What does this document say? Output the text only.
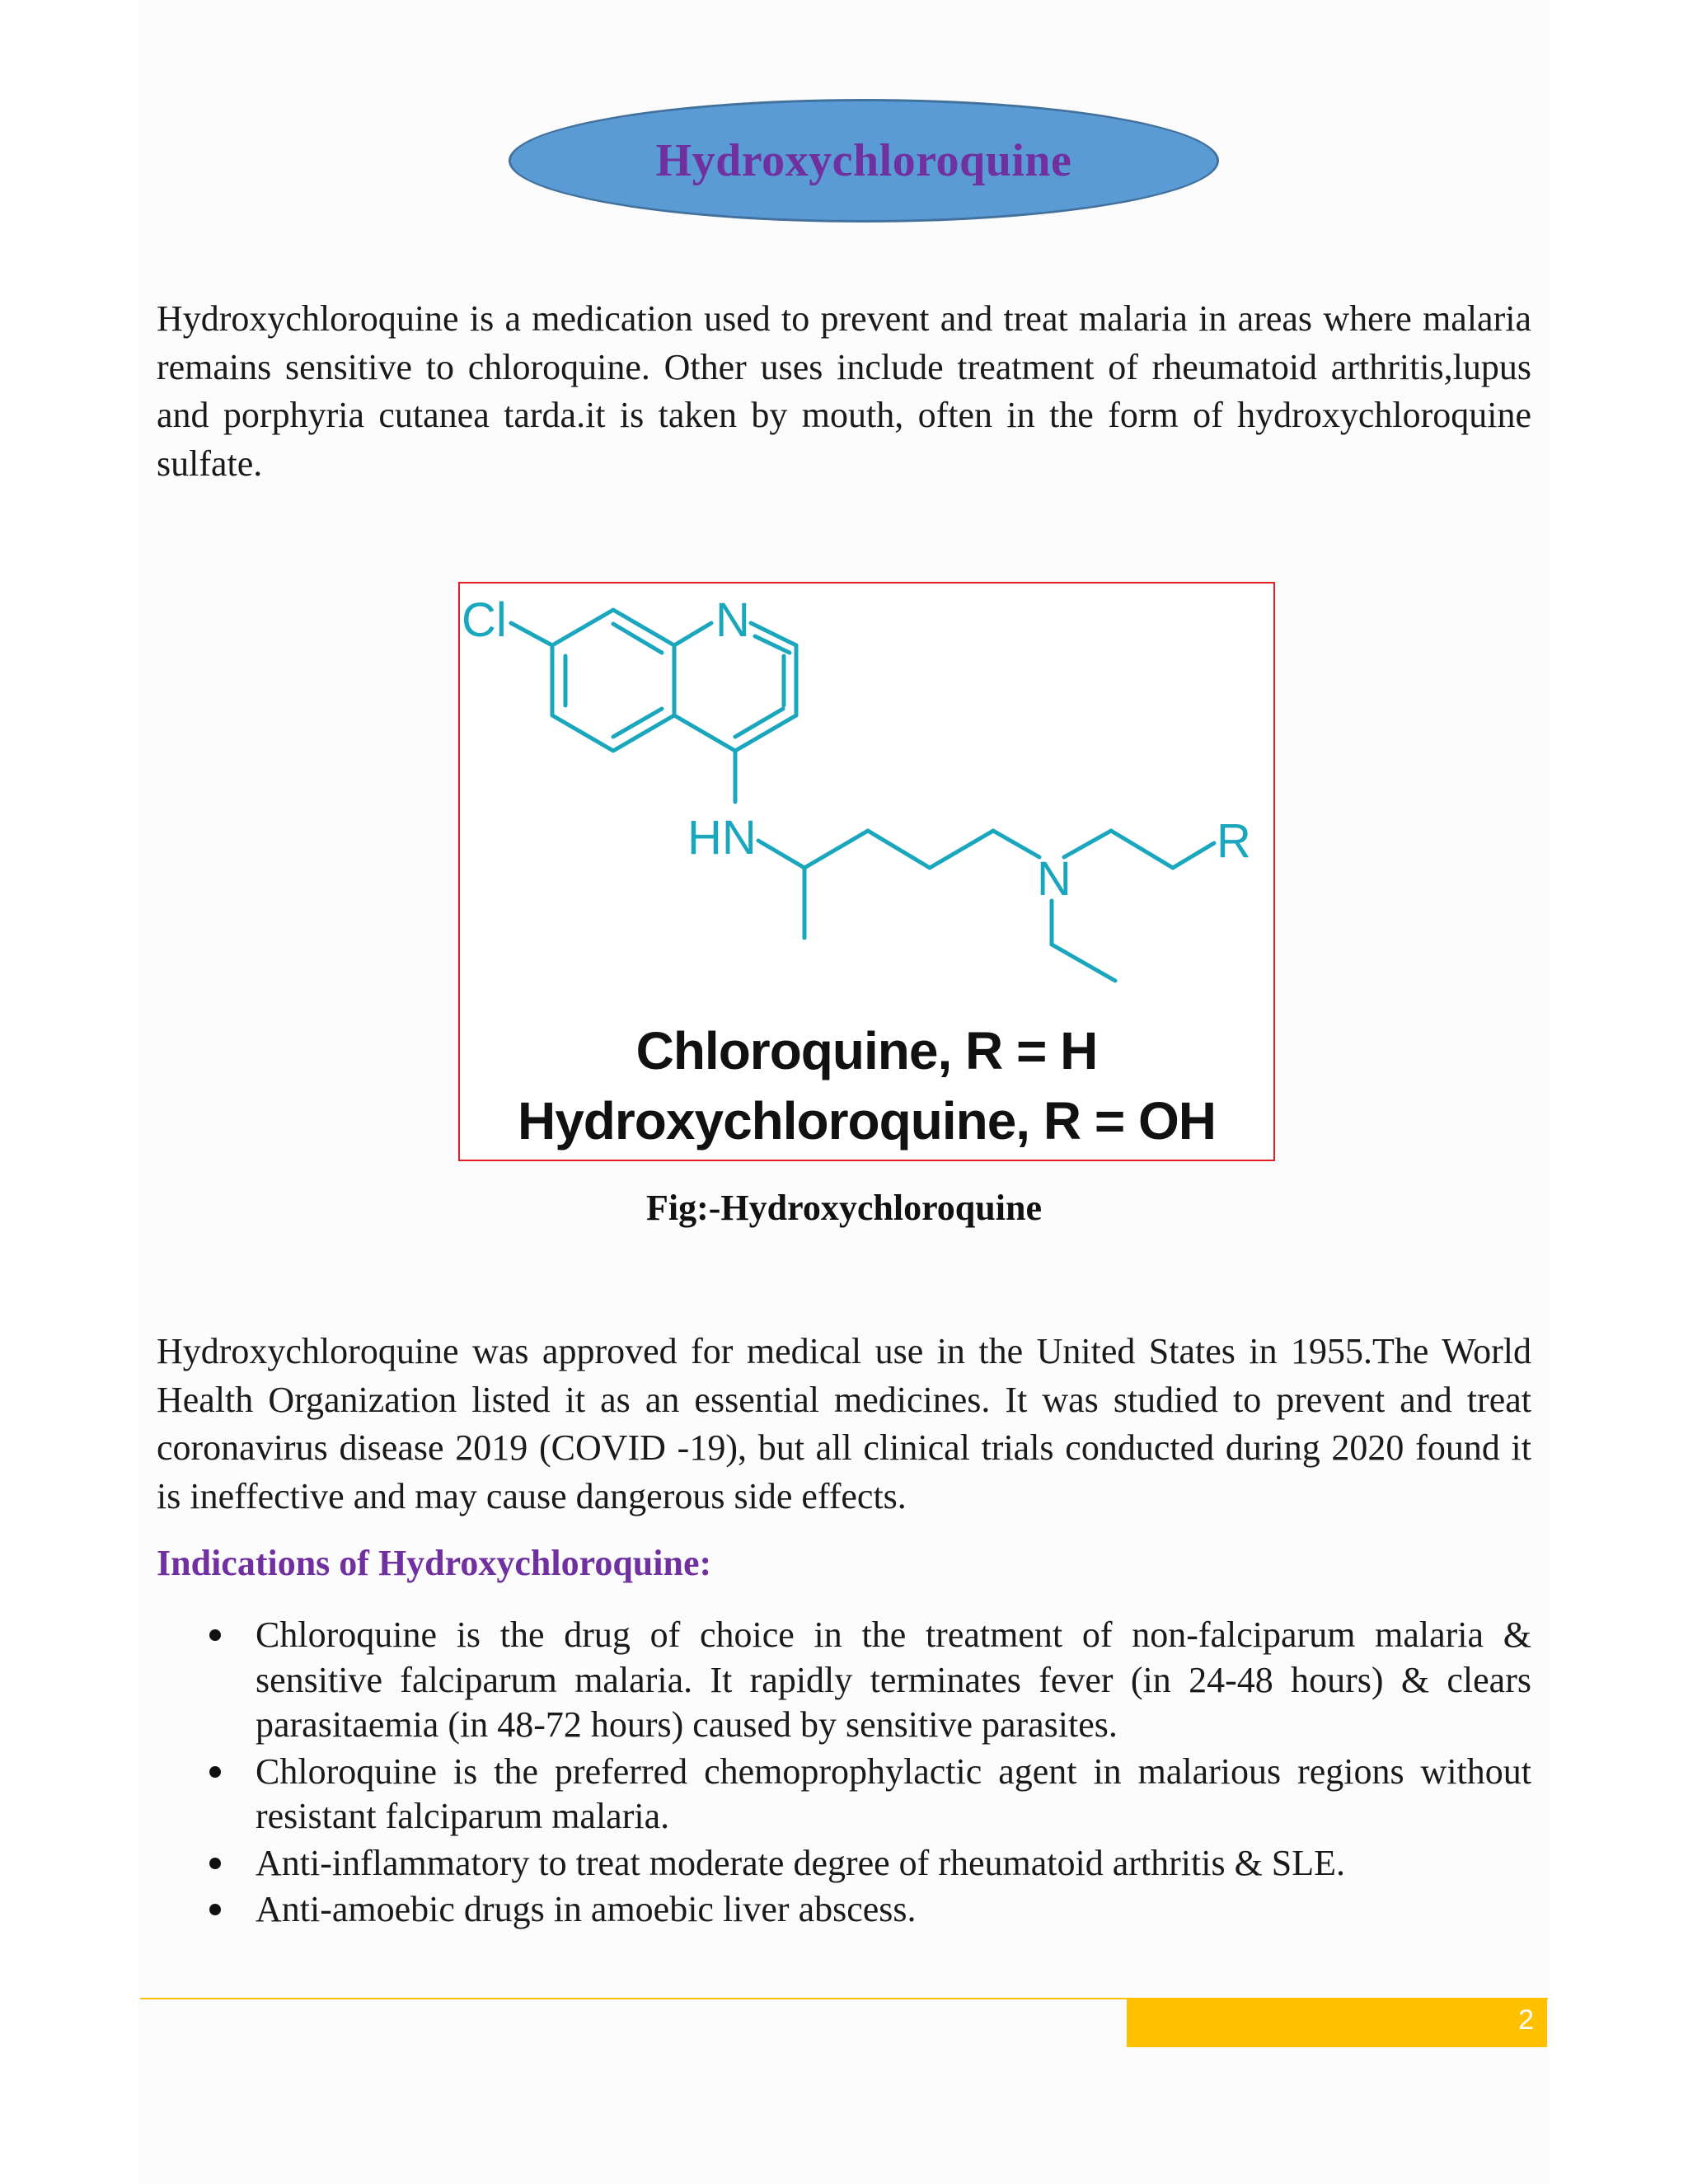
Hydroxychloroquine

Hydroxychloroquine is a medication used to prevent and treat malaria in areas where malaria remains sensitive to chloroquine. Other uses include treatment of rheumatoid arthritis,lupus and porphyria cutanea tarda.it is taken by mouth, often in the form of hydroxychloroquine sulfate.

Cl	N
HN
N
R
Chloroquine, R = H
Hydroxychloroquine, R = OH
Fig:-Hydroxychloroquine

Hydroxychloroquine was approved for medical use in the United States in 1955.The World Health Organization listed it as an essential medicines. It was studied to prevent and treat coronavirus disease 2019 (COVID -19), but all clinical trials conducted during 2020 found it is ineffective and may cause dangerous side effects.

Indications of Hydroxychloroquine:
Chloroquine is the drug of choice in the treatment of non-falciparum malaria & sensitive falciparum malaria. It rapidly terminates fever (in 24-48 hours) & clears parasitaemia (in 48-72 hours) caused by sensitive parasites.
Chloroquine is the preferred chemoprophylactic agent in malarious regions without resistant falciparum malaria.
Anti-inflammatory to treat moderate degree of rheumatoid arthritis & SLE.
Anti-amoebic drugs in amoebic liver abscess.
2
